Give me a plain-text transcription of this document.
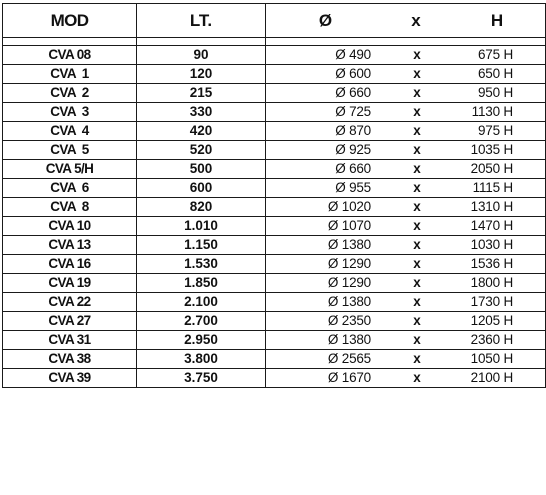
MOD	LT.	Ø x H

CVA 08	90	Ø 490 x 675 H

CVA  1	120	Ø 600 x 650 H

CVA  2	215	Ø 660 x 950 H

CVA  3	330	Ø 725 x 1130 H

CVA  4	420	Ø 870 x 975 H

CVA  5	520	Ø 925 x 1035 H

CVA 5/H	500	Ø 660 x 2050 H

CVA  6	600	Ø 955 x 1115 H

CVA  8	820	Ø 1020 x 1310 H

CVA 10	1.010	Ø 1070 x 1470 H

CVA 13	1.150	Ø 1380 x 1030 H

CVA 16	1.530	Ø 1290 x 1536 H

CVA 19	1.850	Ø 1290 x 1800 H

CVA 22	2.100	Ø 1380 x 1730 H

CVA 27	2.700	Ø 2350 x 1205 H

CVA 31	2.950	Ø 1380 x 2360 H

CVA 38	3.800	Ø 2565 x 1050 H

CVA 39	3.750	Ø 1670 x 2100 H
